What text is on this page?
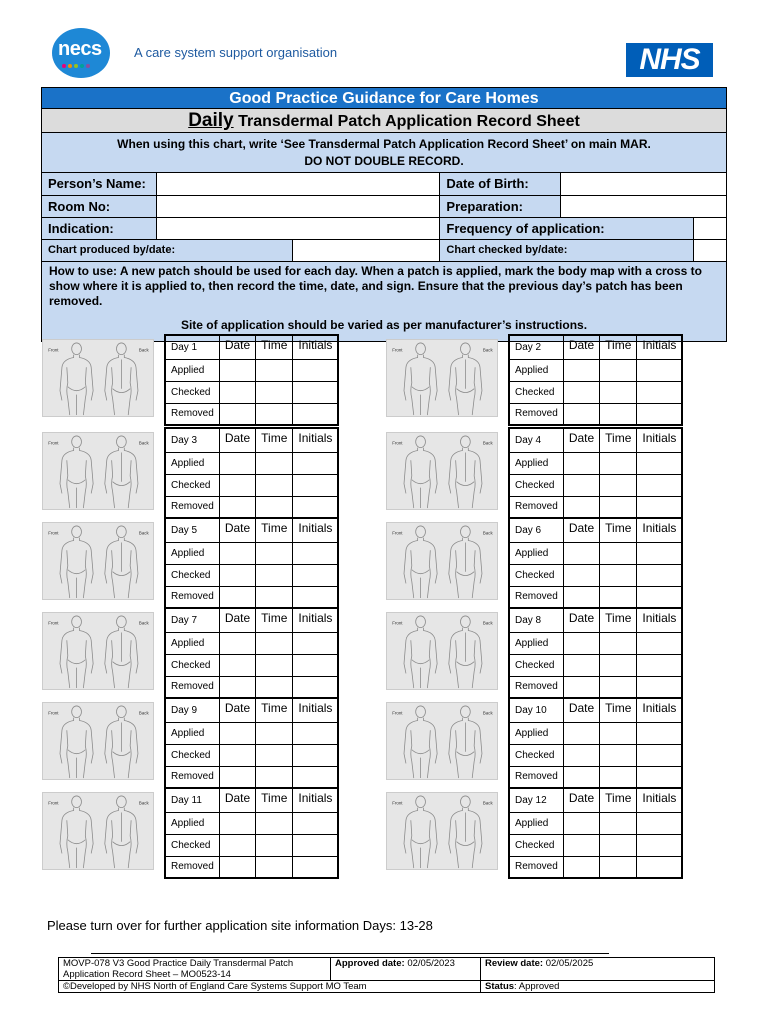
necs A care system support organisation	NHS
Good Practice Guidance for Care Homes
Daily Transdermal Patch Application Record Sheet
When using this chart, write ‘See Transdermal Patch Application Record Sheet’ on main MAR.
DO NOT DOUBLE RECORD.
Person’s Name:			Date of Birth:		
Room No:			Preparation:		
Indication:			Frequency of application:		
Chart produced by/date:			Chart checked by/date:		
How to use: A new patch should be used for each day. When a patch is applied, mark the body map with a cross to show where it is applied to, then record the time, date, and sign. Ensure that the previous day’s patch has been removed.
Site of application should be varied as per manufacturer’s instructions.
Front	Back Day 1	Date	Time	Initials
Applied			
Checked			
Removed			
Front	Back Day 2	Date	Time	Initials
Applied			
Checked			
Removed			
Front	Back Day 3	Date	Time	Initials
Applied			
Checked			
Removed			
Front	Back Day 4	Date	Time	Initials
Applied			
Checked			
Removed			
Front	Back Day 5	Date	Time	Initials
Applied			
Checked			
Removed			
Front	Back Day 6	Date	Time	Initials
Applied			
Checked			
Removed			
Front	Back Day 7	Date	Time	Initials
Applied			
Checked			
Removed			
Front	Back Day 8	Date	Time	Initials
Applied			
Checked			
Removed			
Front	Back Day 9	Date	Time	Initials
Applied			
Checked			
Removed			
Front	Back Day 10	Date	Time	Initials
Applied			
Checked			
Removed			
Front	Back Day 11	Date	Time	Initials
Applied			
Checked			
Removed			
Front	Back Day 12	Date	Time	Initials
Applied			
Checked			
Removed			
Please turn over for further application site information Days: 13-28
MOVP-078 V3 Good Practice Daily Transdermal Patch
Application Record Sheet – MO0523-14	Approved date: 02/05/2023	Review date: 02/05/2025
©Developed by NHS North of England Care Systems Support MO Team		Status: Approved
